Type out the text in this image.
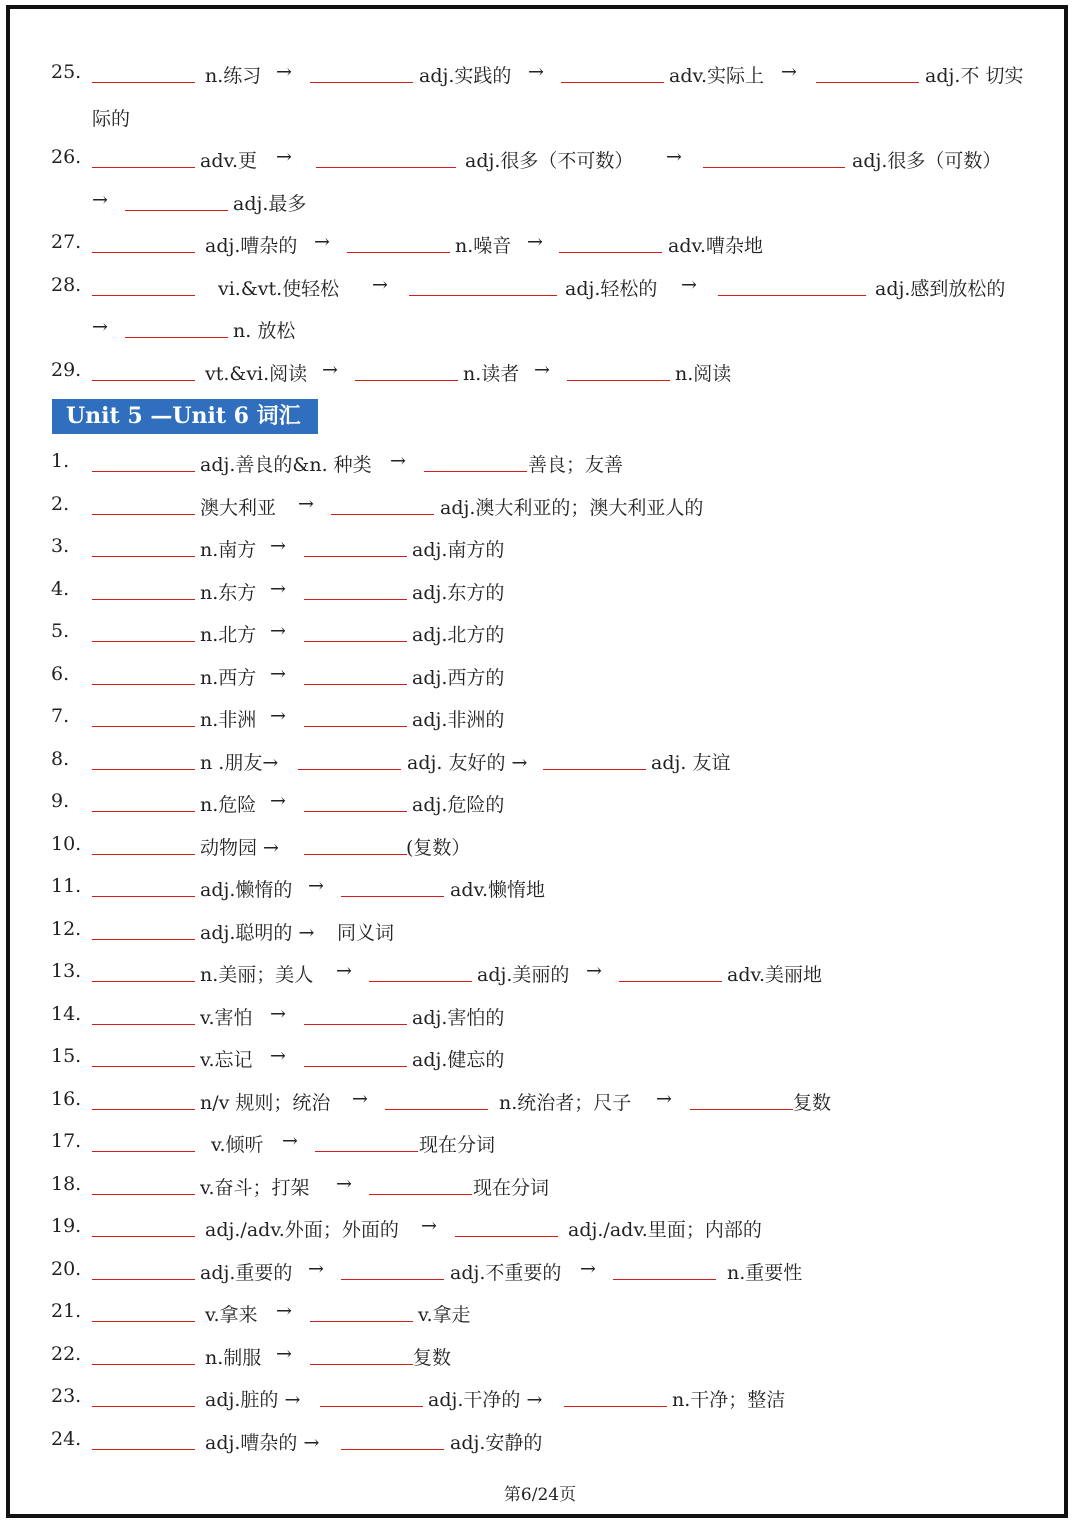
25.	n.练习 →	adj.实践的 →	adv.实际上 →	adj.不 切实
际的
26.	adv.更 →	adj.很多（不可数） →	adj.很多（可数）
→	adj.最多
27.	adj.嘈杂的 →	n.噪音 →	adv.嘈杂地
28.	vi.&vt.使轻松 →	adj.轻松的 →	adj.感到放松的
→	n. 放松
29.	vt.&vi.阅读 →	n.读者 →	n.阅读
Unit 5 —Unit 6 词汇
1.	adj.善良的&n. 种类 →	善良；友善
2.	澳大利亚 →	adj.澳大利亚的；澳大利亚人的
3.	n.南方 →	adj.南方的
4.	n.东方 →	adj.东方的
5.	n.北方 →	adj.北方的
6.	n.西方 →	adj.西方的
7.	n.非洲 →	adj.非洲的
8.	n .朋友→	adj. 友好的 →	adj. 友谊
9.	n.危险 →	adj.危险的
10.	动物园 →	(复数）
11.	adj.懒惰的 →	adv.懒惰地
12.	adj.聪明的 → 同义词
13.	n.美丽；美人 →	adj.美丽的 →	adv.美丽地
14.	v.害怕 →	adj.害怕的
15.	v.忘记 →	adj.健忘的
16.	n/v 规则；统治 →	n.统治者；尺子 →	复数
17.	v.倾听 →	现在分词
18.	v.奋斗；打架 →	现在分词
19.	adj./adv.外面；外面的 →	adj./adv.里面；内部的
20.	adj.重要的 →	adj.不重要的 →	n.重要性
21.	v.拿来 →	v.拿走
22.	n.制服 →	复数
23.	adj.脏的 →	adj.干净的 →	n.干净；整洁
24.	adj.嘈杂的 →	adj.安静的
第6/24页
